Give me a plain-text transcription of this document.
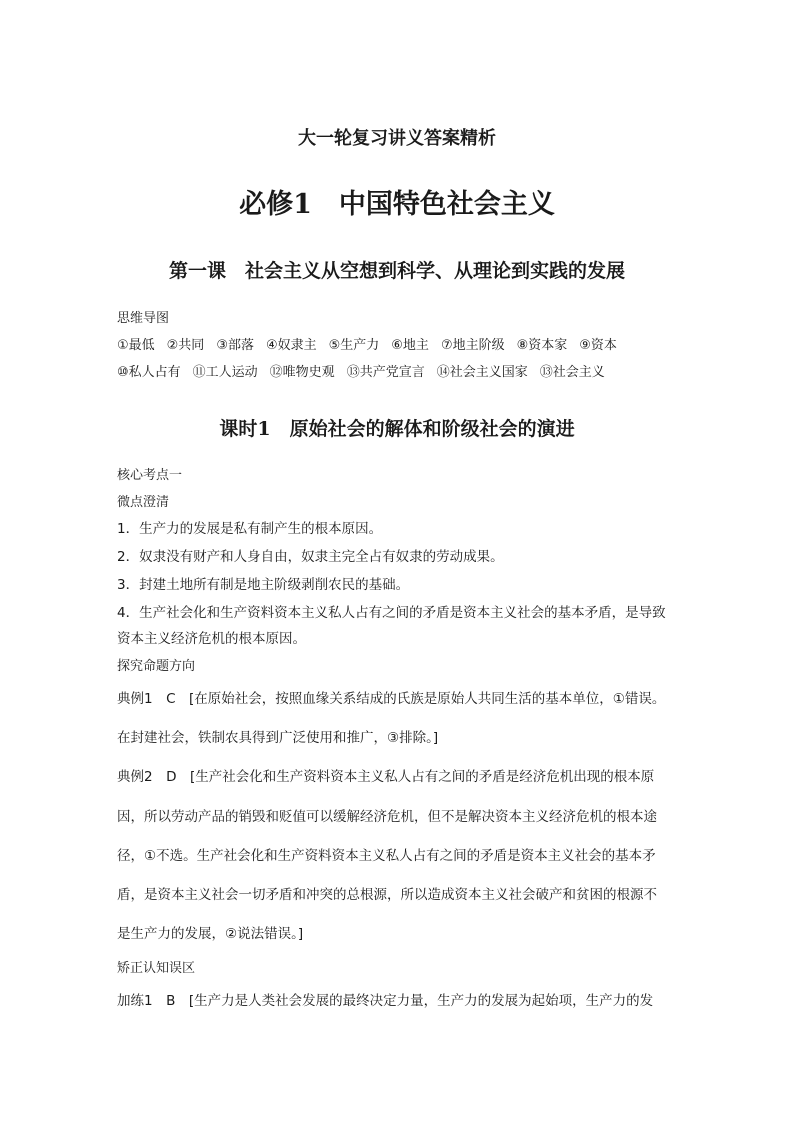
大一轮复习讲义答案精析
必修1　中国特色社会主义
第一课　社会主义从空想到科学、从理论到实践的发展
思维导图
①最低 ②共同 ③部落 ④奴隶主 ⑤生产力 ⑥地主 ⑦地主阶级 ⑧资本家 ⑨资本
⑩私人占有 ⑪工人运动 ⑫唯物史观 ⑬共产党宣言 ⑭社会主义国家 ⑬社会主义
课时1　原始社会的解体和阶级社会的演进
核心考点一
微点澄清
1．生产力的发展是私有制产生的根本原因。
2．奴隶没有财产和人身自由，奴隶主完全占有奴隶的劳动成果。
3．封建土地所有制是地主阶级剥削农民的基础。
4．生产社会化和生产资料资本主义私人占有之间的矛盾是资本主义社会的基本矛盾，是导致
资本主义经济危机的根本原因。
探究命题方向
典例1　C　[在原始社会，按照血缘关系结成的氏族是原始人共同生活的基本单位，①错误。
在封建社会，铁制农具得到广泛使用和推广，③排除。]
典例2　D　[生产社会化和生产资料资本主义私人占有之间的矛盾是经济危机出现的根本原
因，所以劳动产品的销毁和贬值可以缓解经济危机，但不是解决资本主义经济危机的根本途
径，①不选。生产社会化和生产资料资本主义私人占有之间的矛盾是资本主义社会的基本矛
盾，是资本主义社会一切矛盾和冲突的总根源，所以造成资本主义社会破产和贫困的根源不
是生产力的发展，②说法错误。]
矫正认知误区
加练1　B　[生产力是人类社会发展的最终决定力量，生产力的发展为起始项，生产力的发
